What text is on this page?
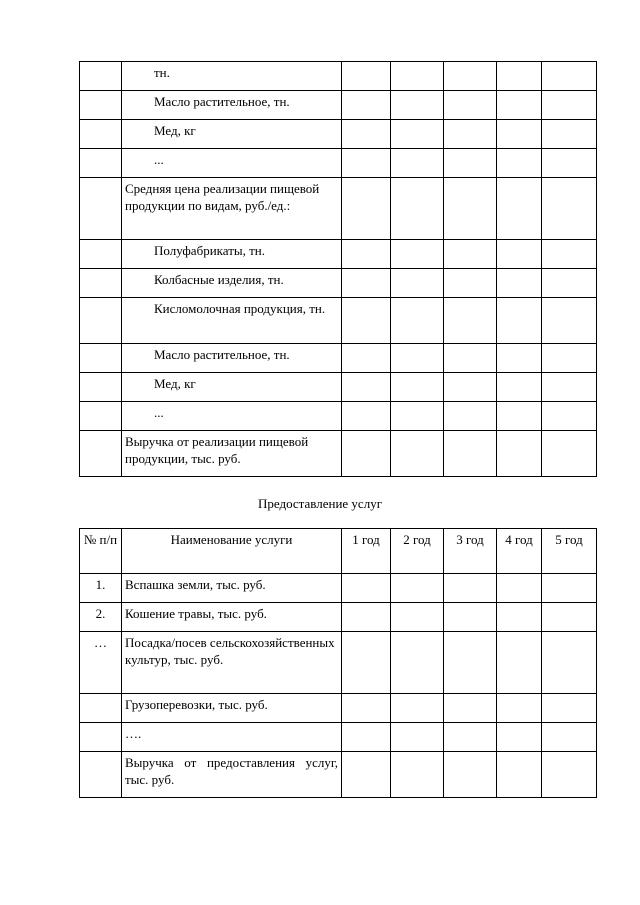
	тн.					
	Масло растительное, тн.					
	Мед, кг					
	...					
	Средняя цена реализации пищевой продукции по видам, руб./ед.:					
	Полуфабрикаты, тн.					
	Колбасные изделия, тн.					
	Кисломолочная продукция, тн.					
	Масло растительное, тн.					
	Мед, кг					
	...					
	Выручка от реализации пищевой продукции, тыс. руб.					
Предоставление услуг
№ п/п	Наименование услуги	1 год	2 год	3 год	4 год	5 год
1.	Вспашка земли, тыс. руб.					
2.	Кошение травы, тыс. руб.					
…	Посадка/посев сельскохозяйственных культур, тыс. руб.					
	Грузоперевозки, тыс. руб.					
	….					
	Выручка от предоставления услуг, тыс. руб.					
